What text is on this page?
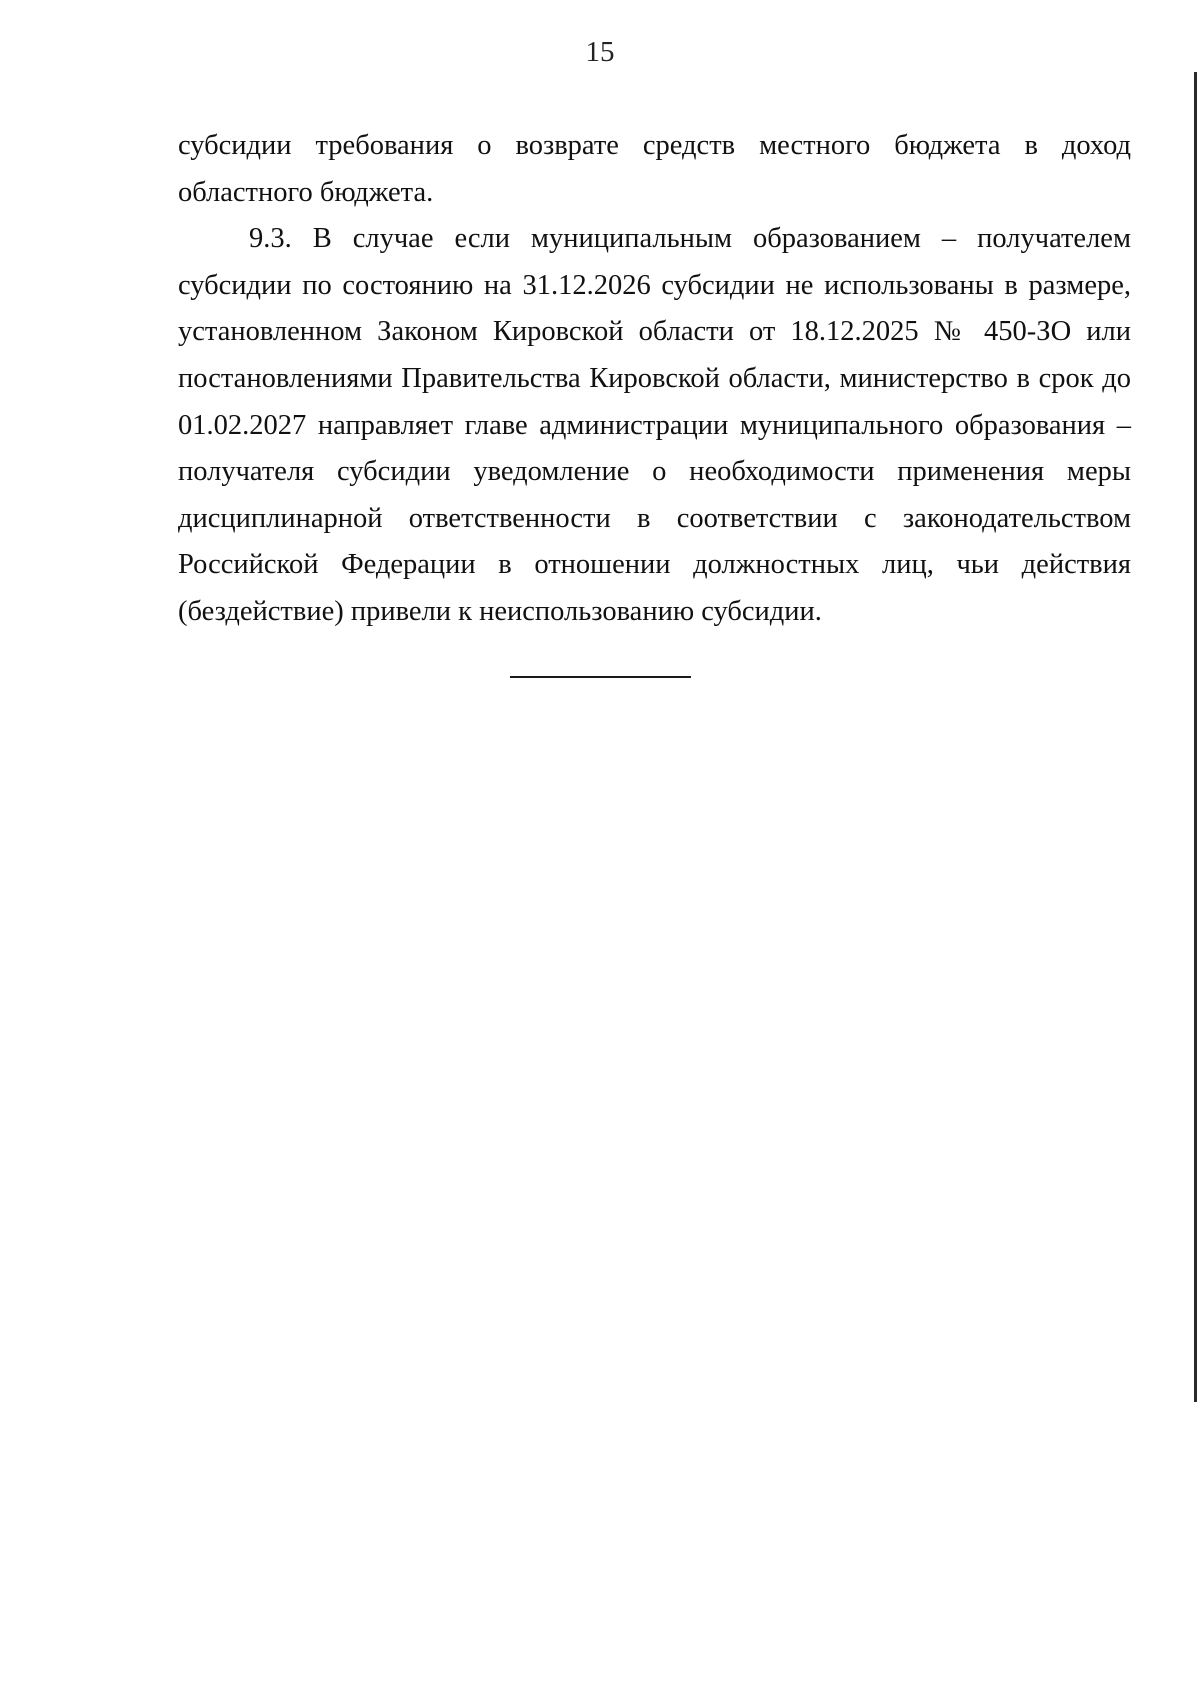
15

субсидии требования о возврате средств местного бюджета в доход областного бюджета.

9.3. В случае если муниципальным образованием – получателем субсидии по состоянию на 31.12.2026 субсидии не использованы в размере, установленном Законом Кировской области от 18.12.2025 № 450-ЗО или постановлениями Правительства Кировской области, министерство в срок до 01.02.2027 направляет главе администрации муниципального образования – получателя субсидии уведомление о необходимости применения меры дисциплинарной ответственности в соответствии с законодательством Российской Федерации в отношении должностных лиц, чьи действия (бездействие) привели к неиспользованию субсидии.
